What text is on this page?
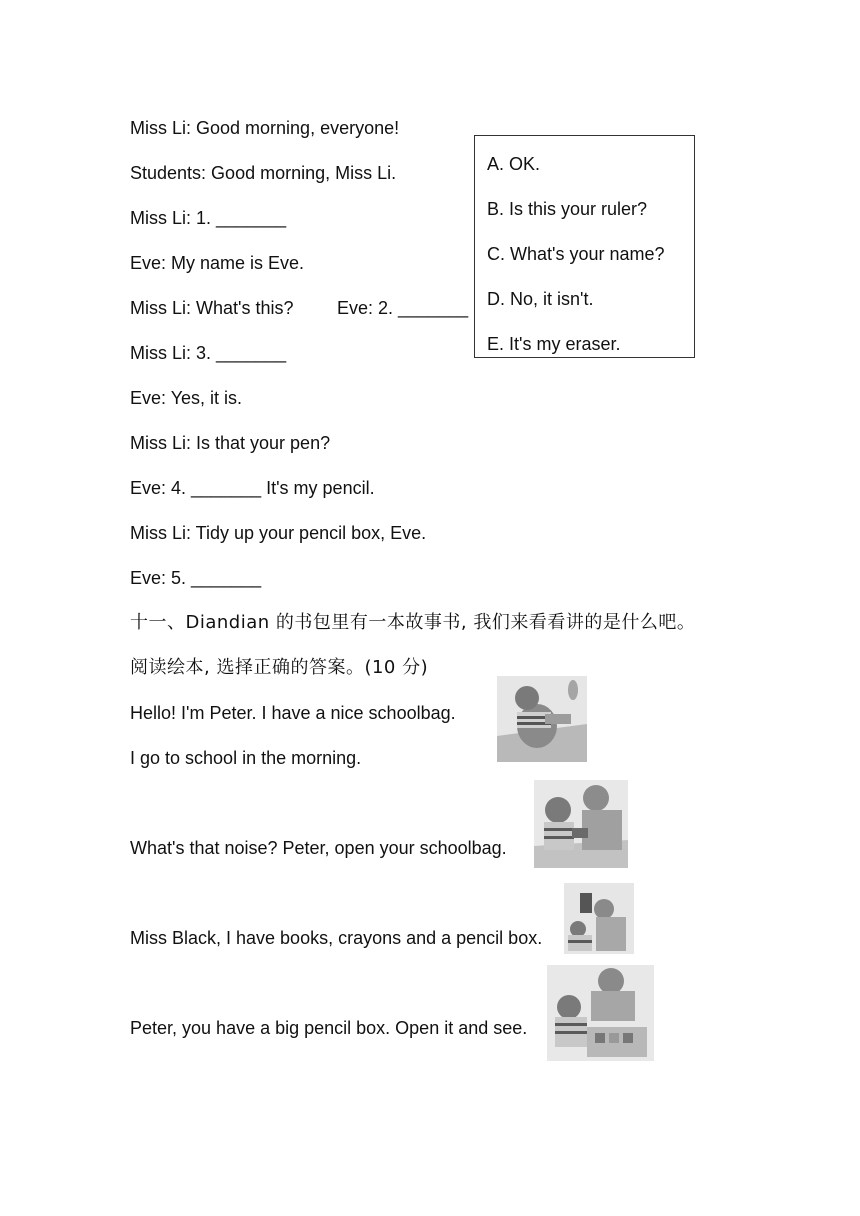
Miss Li: Good morning, everyone!
Students: Good morning, Miss Li.
Miss Li: 1. _______
Eve: My name is Eve.
Miss Li: What's this? Eve: 2. _______
Miss Li: 3. _______
Eve: Yes, it is.
Miss Li: Is that your pen?
Eve: 4. _______ It's my pencil.
Miss Li: Tidy up your pencil box, Eve.
Eve: 5. _______
A. OK.
B. Is this your ruler?
C. What's your name?
D. No, it isn't.
E. It's my eraser.
十一、Diandian 的书包里有一本故事书, 我们来看看讲的是什么吧。
阅读绘本, 选择正确的答案。(10 分)
Hello! I'm Peter. I have a nice schoolbag.
I go to school in the morning.
What's that noise? Peter, open your schoolbag.
Miss Black, I have books, crayons and a pencil box.
Peter, you have a big pencil box. Open it and see.
